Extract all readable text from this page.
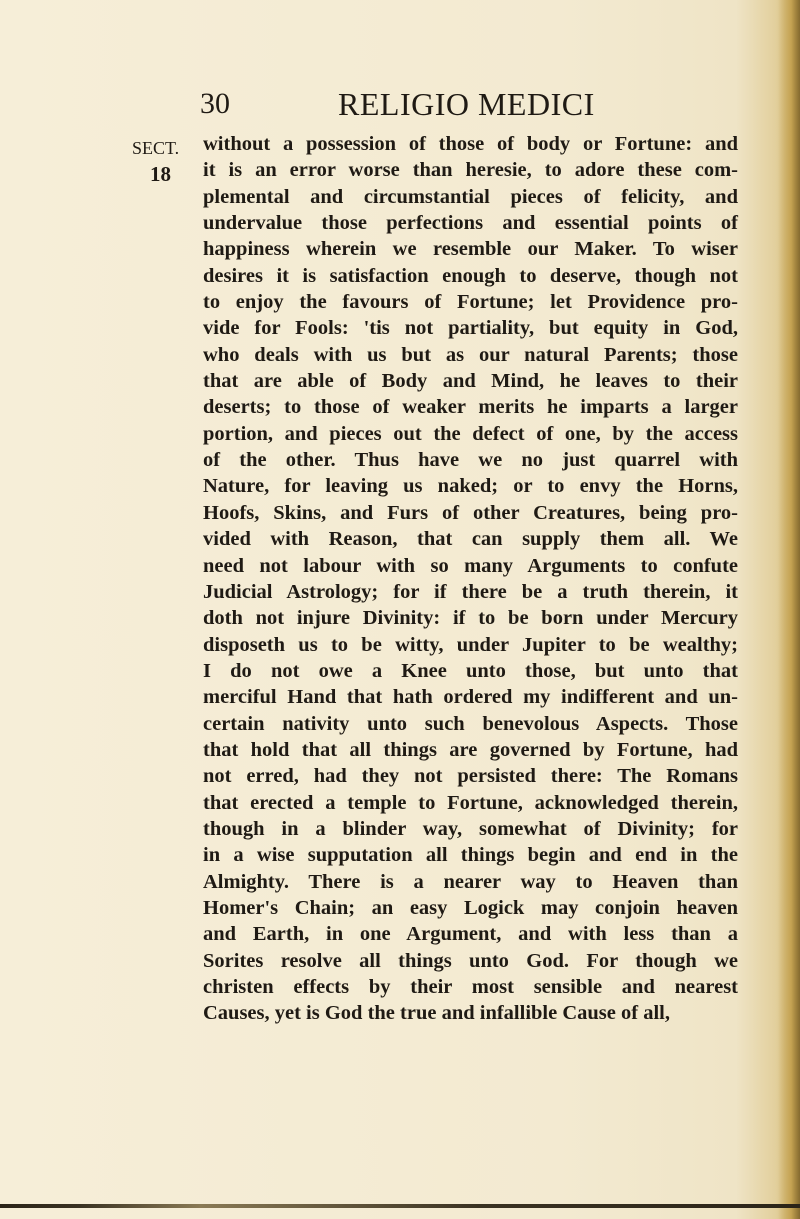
30	RELIGIO MEDICI
SECT.
18
without a possession of those of body or Fortune: and
it is an error worse than heresie, to adore these com-
plemental and circumstantial pieces of felicity, and
undervalue those perfections and essential points of
happiness wherein we resemble our Maker. To wiser
desires it is satisfaction enough to deserve, though not
to enjoy the favours of Fortune; let Providence pro-
vide for Fools: 'tis not partiality, but equity in God,
who deals with us but as our natural Parents; those
that are able of Body and Mind, he leaves to their
deserts; to those of weaker merits he imparts a larger
portion, and pieces out the defect of one, by the access
of the other. Thus have we no just quarrel with
Nature, for leaving us naked; or to envy the Horns,
Hoofs, Skins, and Furs of other Creatures, being pro-
vided with Reason, that can supply them all. We
need not labour with so many Arguments to confute
Judicial Astrology; for if there be a truth therein, it
doth not injure Divinity: if to be born under Mercury
disposeth us to be witty, under Jupiter to be wealthy;
I do not owe a Knee unto those, but unto that
merciful Hand that hath ordered my indifferent and un-
certain nativity unto such benevolous Aspects. Those
that hold that all things are governed by Fortune, had
not erred, had they not persisted there: The Romans
that erected a temple to Fortune, acknowledged therein,
though in a blinder way, somewhat of Divinity; for
in a wise supputation all things begin and end in the
Almighty. There is a nearer way to Heaven than
Homer's Chain; an easy Logick may conjoin heaven
and Earth, in one Argument, and with less than a
Sorites resolve all things unto God. For though we
christen effects by their most sensible and nearest
Causes, yet is God the true and infallible Cause of all,
